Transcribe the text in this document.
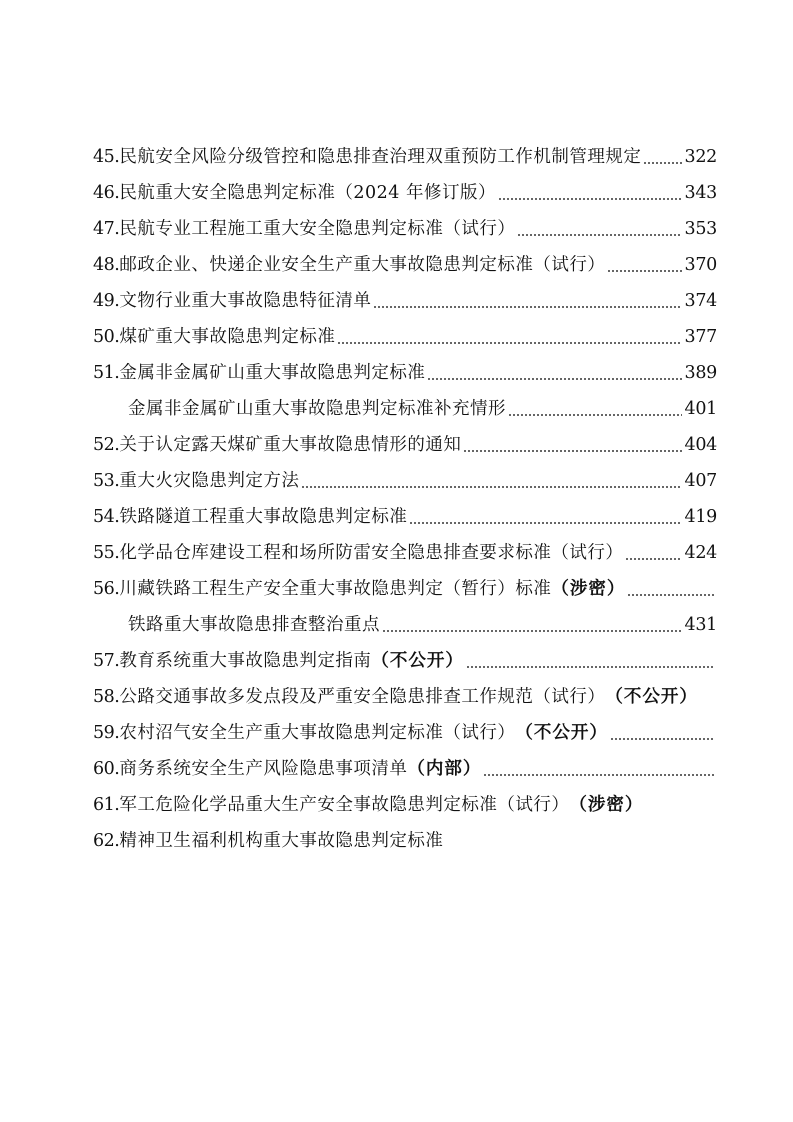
45. 民航安全风险分级管控和隐患排查治理双重预防工作机制管理规定 322
46. 民航重大安全隐患判定标准（2024 年修订版）	343
47. 民航专业工程施工重大安全隐患判定标准（试行）	353
48. 邮政企业、快递企业安全生产重大事故隐患判定标准（试行）	370
49. 文物行业重大事故隐患特征清单	374
50. 煤矿重大事故隐患判定标准	377
51. 金属非金属矿山重大事故隐患判定标准	389
金属非金属矿山重大事故隐患判定标准补充情形	401
52. 关于认定露天煤矿重大事故隐患情形的通知	404
53. 重大火灾隐患判定方法	407
54. 铁路隧道工程重大事故隐患判定标准	419
55. 化学品仓库建设工程和场所防雷安全隐患排查要求标准（试行）	424
56. 川藏铁路工程生产安全重大事故隐患判定（暂行）标准 （涉密）
铁路重大事故隐患排查整治重点	431
57. 教育系统重大事故隐患判定指南 （不公开）
58. 公路交通事故多发点段及严重安全隐患排查工作规范（试行） （不公开）
59. 农村沼气安全生产重大事故隐患判定标准（试行） （不公开）
60. 商务系统安全生产风险隐患事项清单 （内部）
61. 军工危险化学品重大生产安全事故隐患判定标准（试行） （涉密）
62. 精神卫生福利机构重大事故隐患判定标准
